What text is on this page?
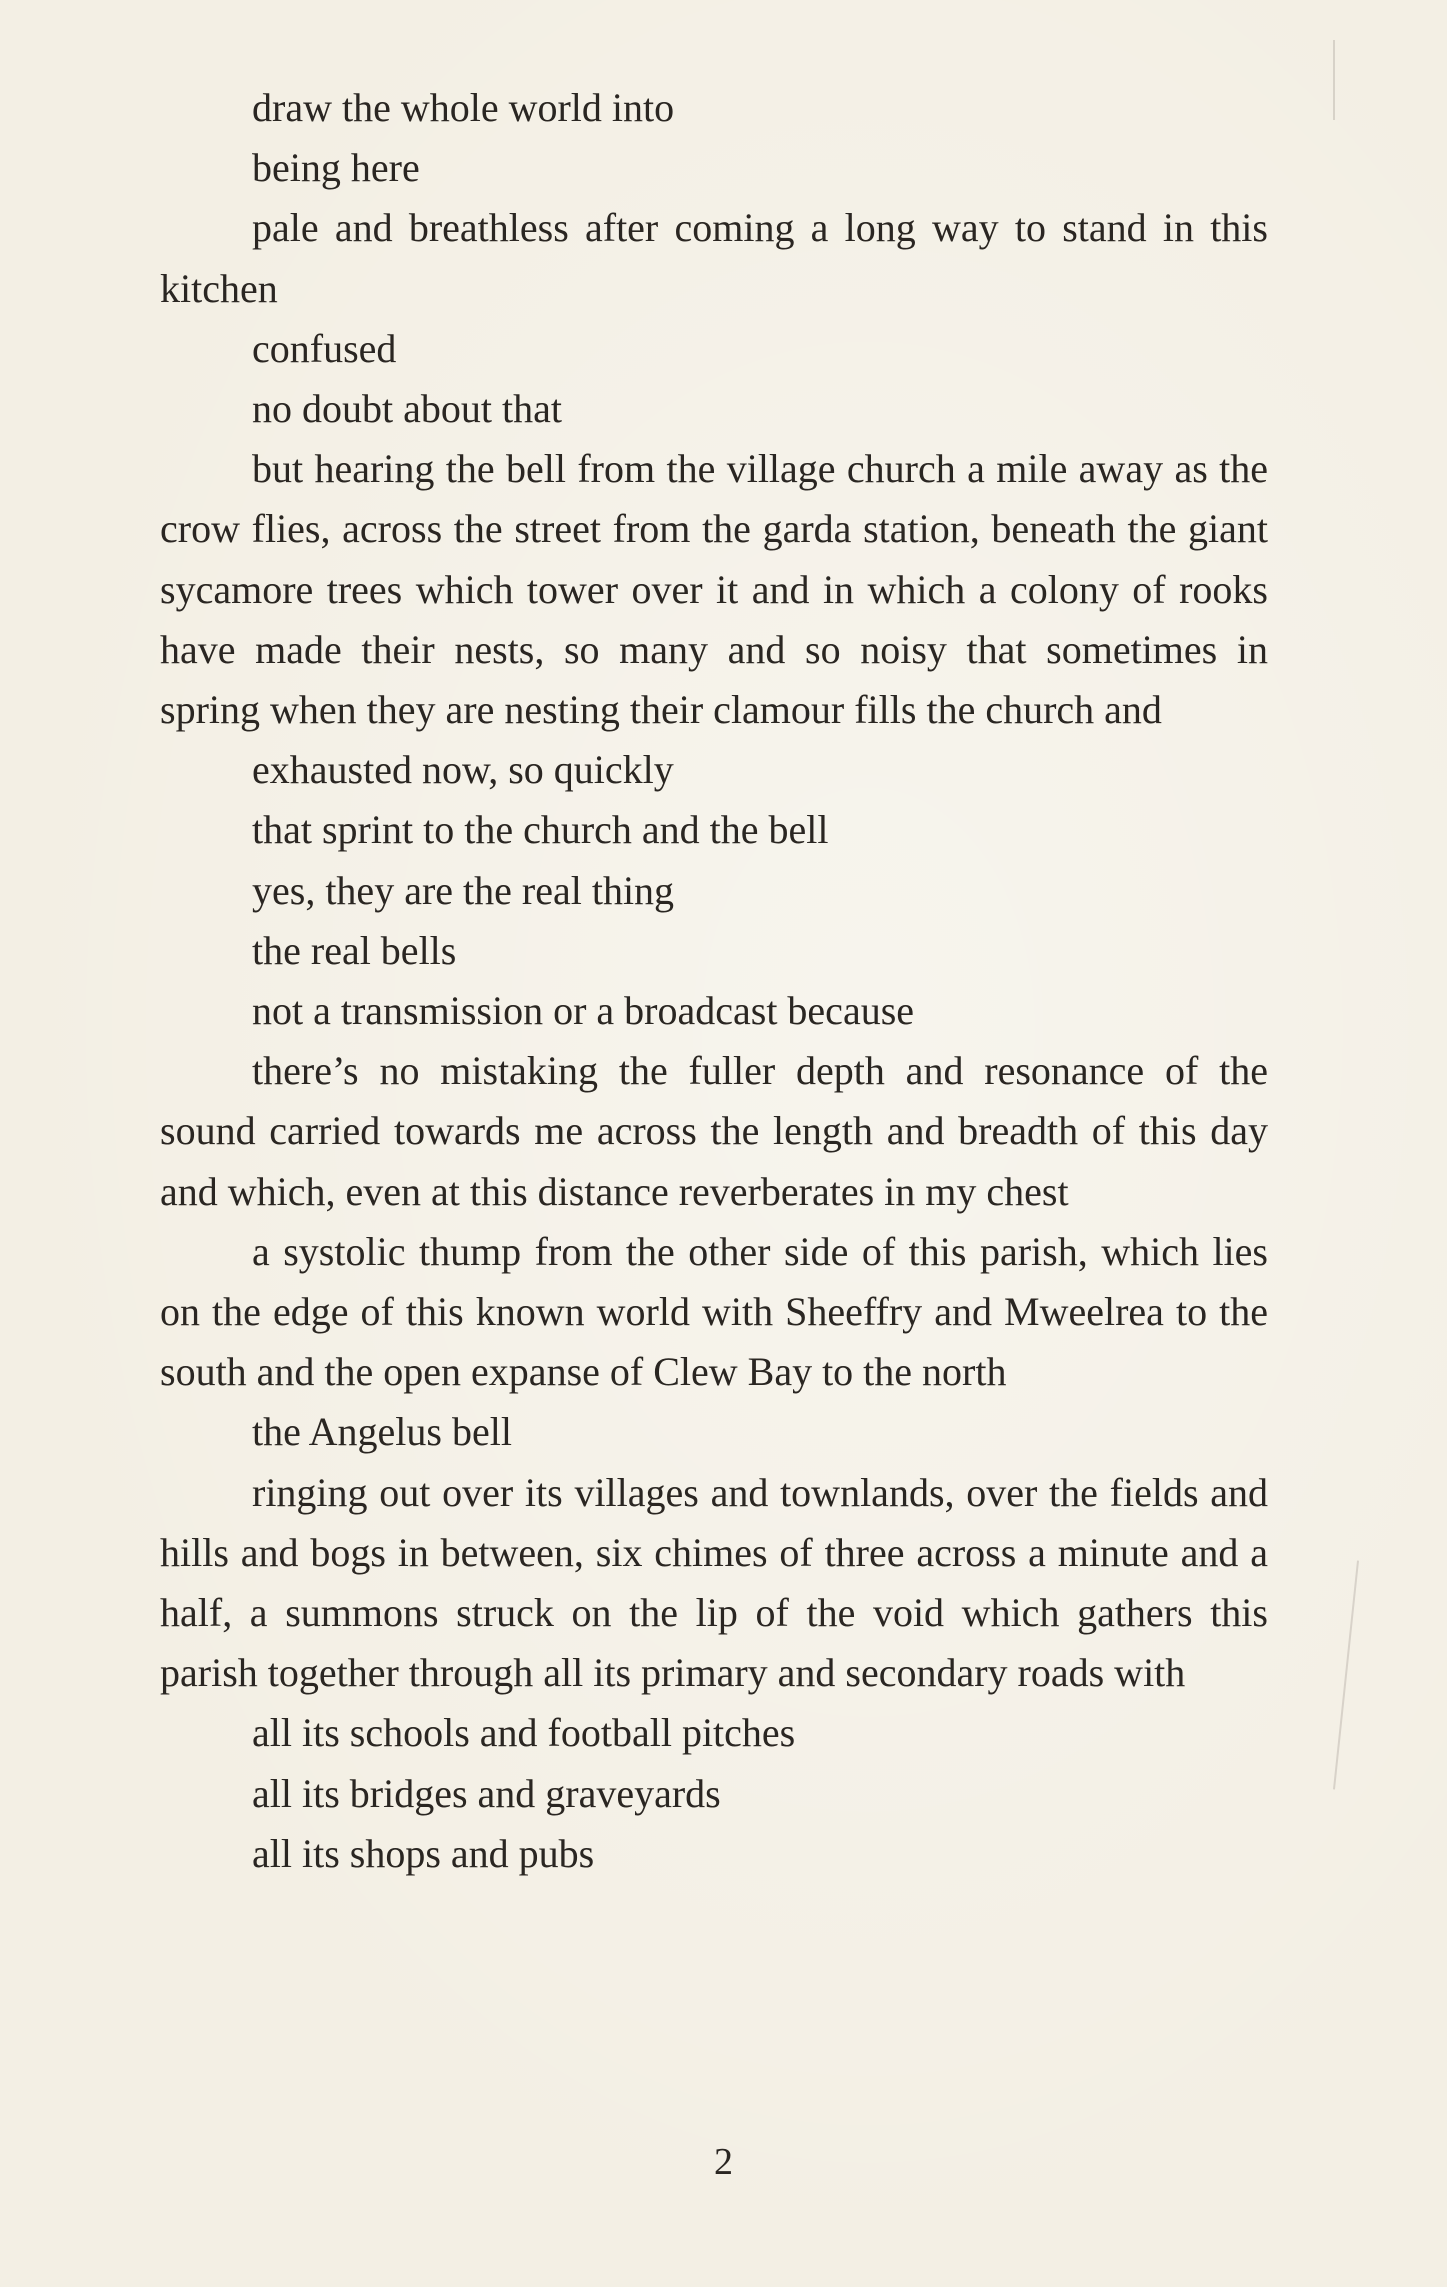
draw the whole world into

being here

pale and breathless after coming a long way to stand in this kitchen

confused

no doubt about that

but hearing the bell from the village church a mile away as the crow flies, across the street from the garda station, beneath the giant sycamore trees which tower over it and in which a colony of rooks have made their nests, so many and so noisy that sometimes in spring when they are nesting their clamour fills the church and

exhausted now, so quickly

that sprint to the church and the bell

yes, they are the real thing

the real bells

not a transmission or a broadcast because

there’s no mistaking the fuller depth and resonance of the sound carried towards me across the length and breadth of this day and which, even at this distance reverberates in my chest

a systolic thump from the other side of this parish, which lies on the edge of this known world with Sheeffry and Mweelrea to the south and the open expanse of Clew Bay to the north

the Angelus bell

ringing out over its villages and townlands, over the fields and hills and bogs in between, six chimes of three across a minute and a half, a summons struck on the lip of the void which gathers this parish together through all its primary and secondary roads with

all its schools and football pitches

all its bridges and graveyards

all its shops and pubs

2
